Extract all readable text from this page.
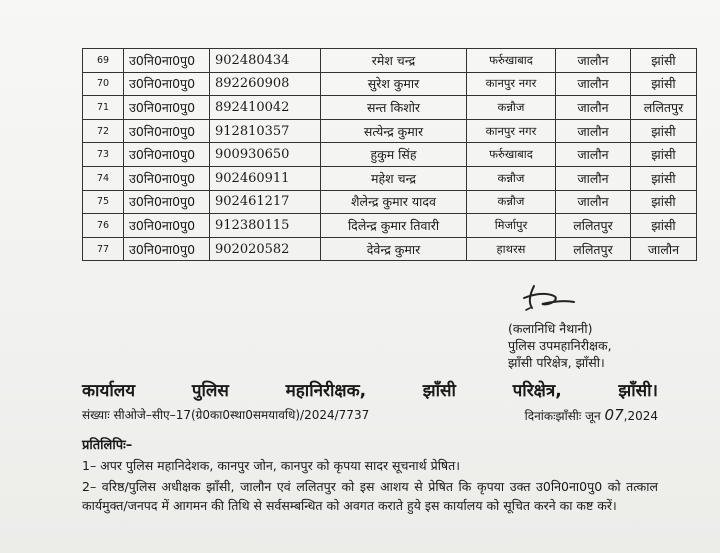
69	उ0नि0ना0पु0	902480434	रमेश चन्द्र	फर्रुखाबाद	जालौन	झांसी
70	उ0नि0ना0पु0	892260908	सुरेश कुमार	कानपुर नगर	जालौन	झांसी
71	उ0नि0ना0पु0	892410042	सन्त किशोर	कन्नौज	जालौन	ललितपुर
72	उ0नि0ना0पु0	912810357	सत्येन्द्र कुमार	कानपुर नगर	जालौन	झांसी
73	उ0नि0ना0पु0	900930650	हुकुम सिंह	फर्रुखाबाद	जालौन	झांसी
74	उ0नि0ना0पु0	902460911	महेश चन्द्र	कन्नौज	जालौन	झांसी
75	उ0नि0ना0पु0	902461217	शैलेन्द्र कुमार यादव	कन्नौज	जालौन	झांसी
76	उ0नि0ना0पु0	912380115	दिलेन्द्र कुमार तिवारी	मिर्जापुर	ललितपुर	झांसी
77	उ0नि0ना0पु0	902020582	देवेन्द्र कुमार	हाथरस	ललितपुर	जालौन
(कलानिधि नैथानी)
पुलिस उपमहानिरीक्षक,
झाँसी परिक्षेत्र, झाँसी।
कार्यालय	पुलिस	महानिरीक्षक,	झाँसी	परिक्षेत्र,	झाँसी।
संख्याः सीओजे–सीए–17(ग्रे0का0स्था0समयावधि)/2024/7737	दिनांकःझाँसीः जून 07,2024
प्रतिलिपिः–

1– अपर पुलिस महानिदेशक, कानपुर जोन, कानपुर को कृपया सादर सूचनार्थ प्रेषित।

2– वरिष्ठ/पुलिस अधीक्षक झाँसी, जालौन एवं ललितपुर को इस आशय से प्रेषित कि कृपया उक्त उ0नि0ना0पु0 को तत्काल कार्यमुक्त/जनपद में आगमन की तिथि से सर्वसम्बन्धित को अवगत कराते हुये इस कार्यालय को सूचित करने का कष्ट करें।
